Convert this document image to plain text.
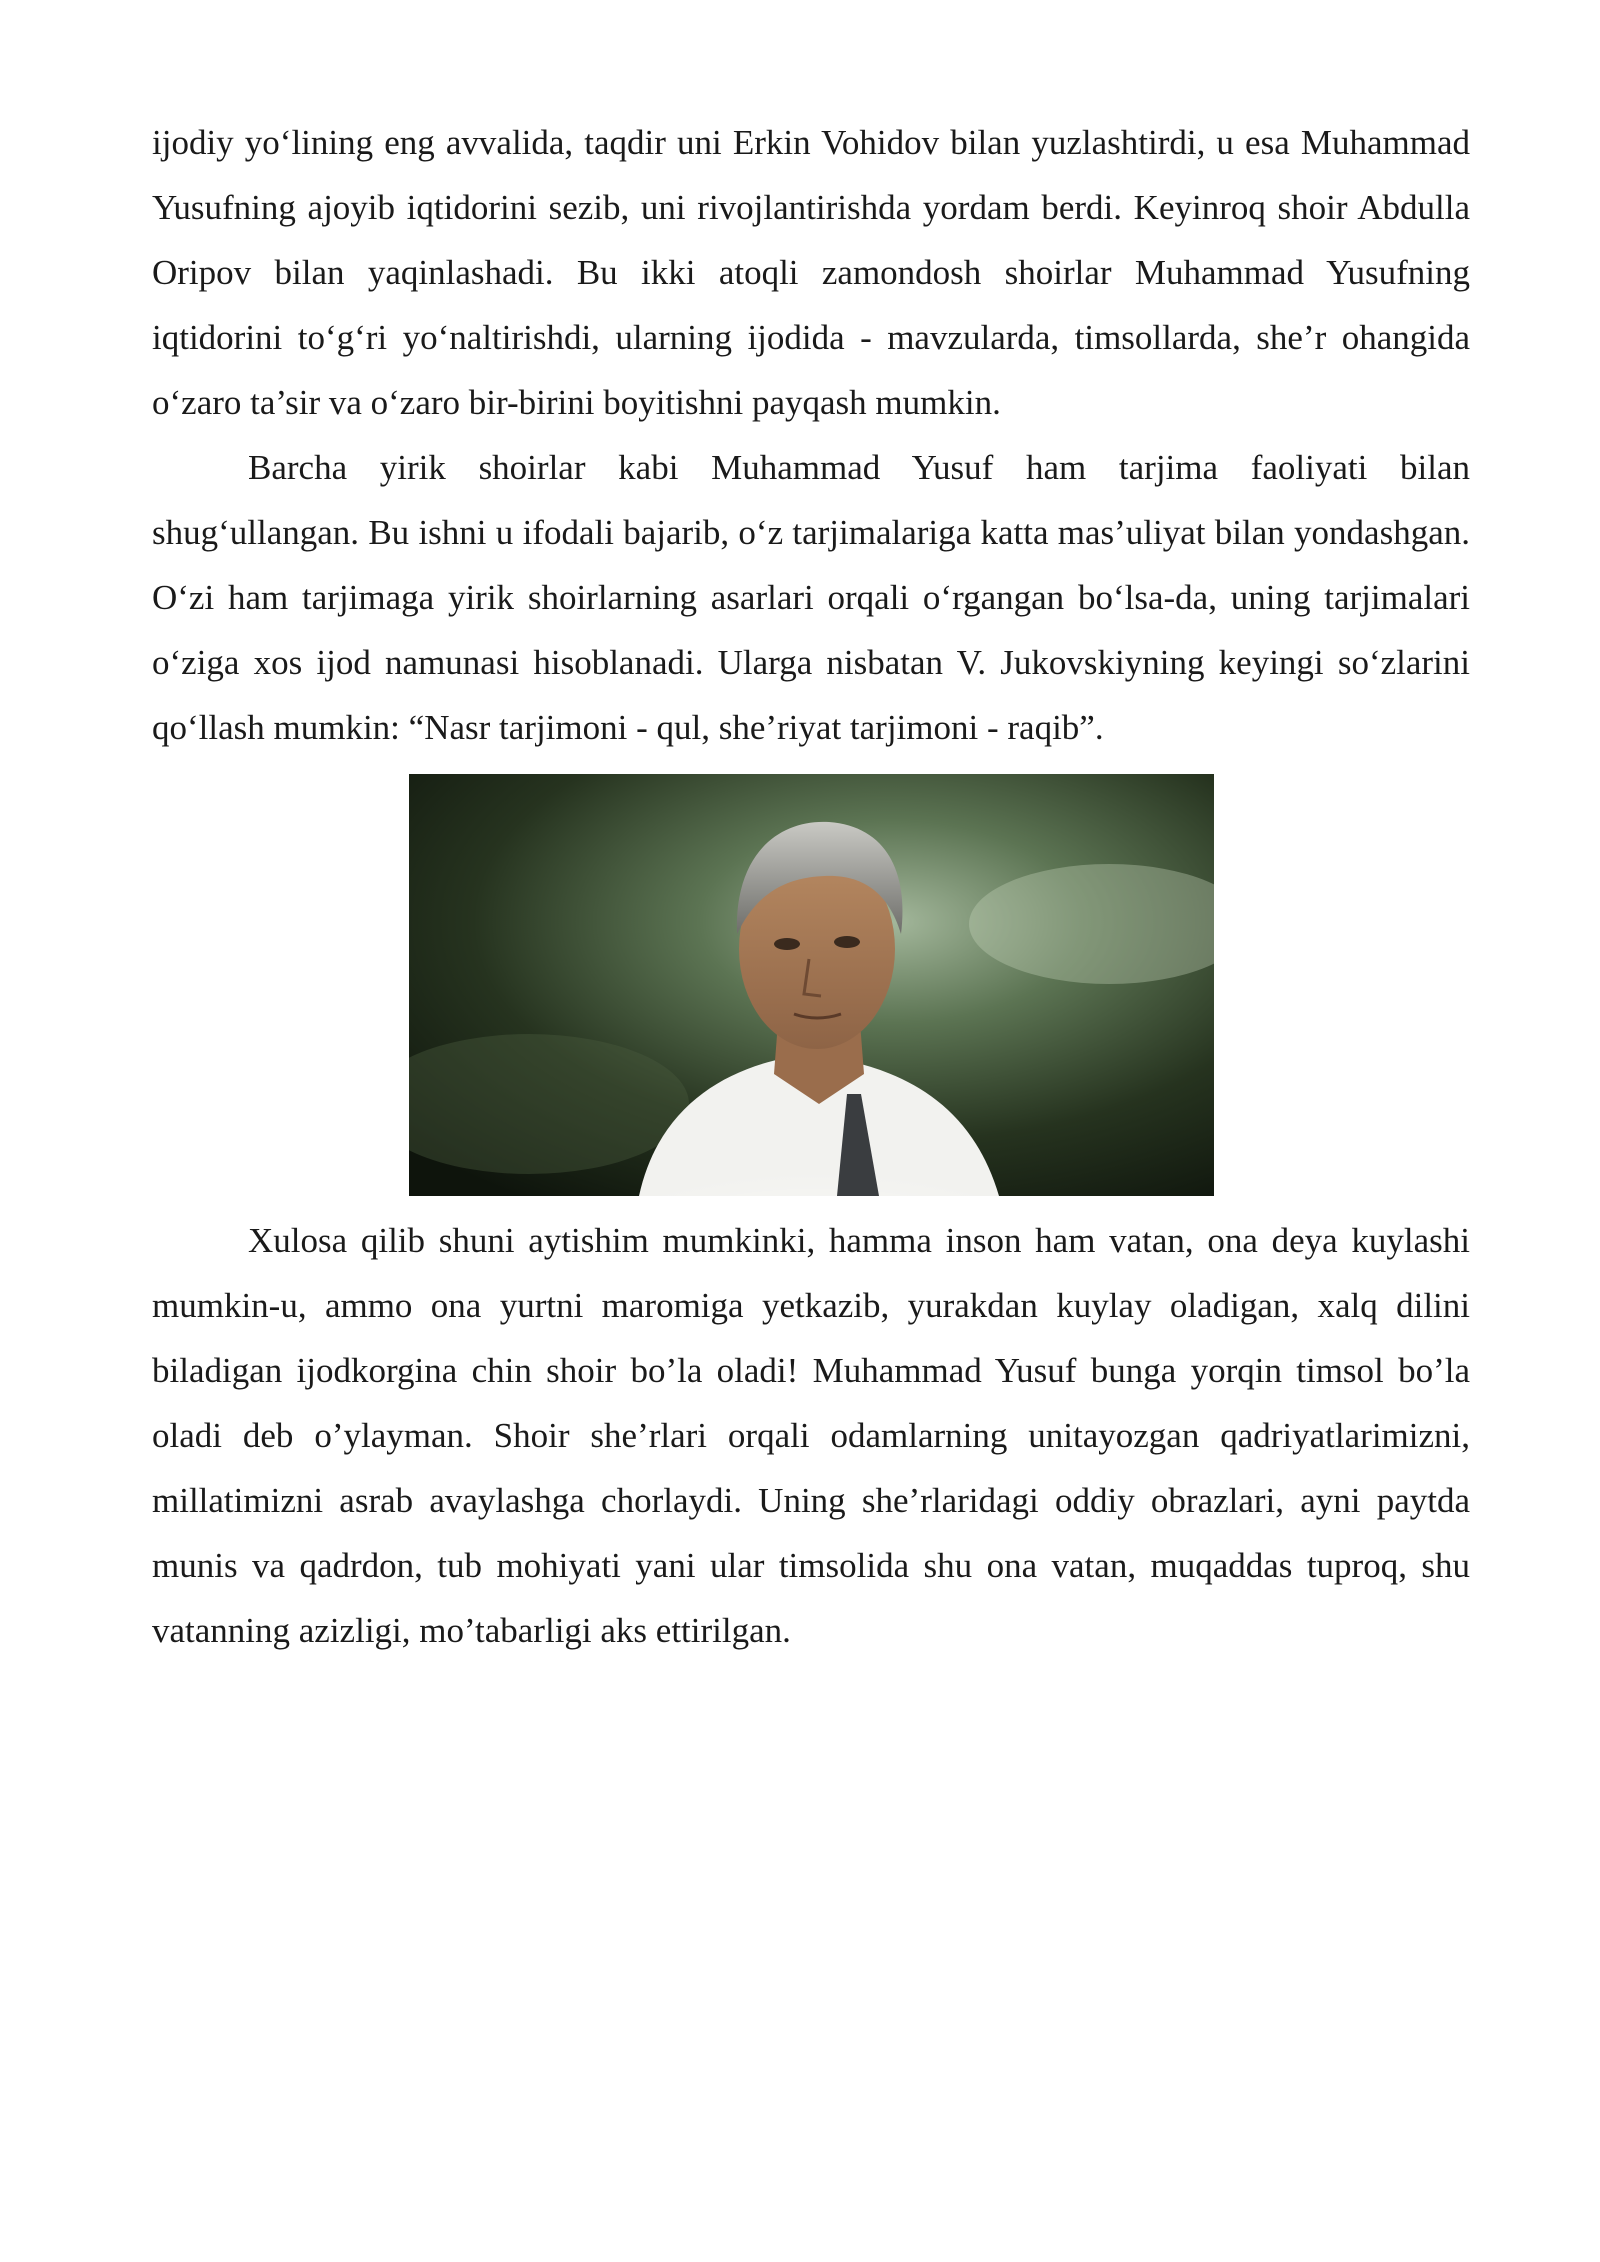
ijodiy yo‘lining eng avvalida, taqdir uni Erkin Vohidov bilan yuzlashtirdi, u esa Muhammad Yusufning ajoyib iqtidorini sezib, uni rivojlantirishda yordam berdi. Keyinroq shoir Abdulla Oripov bilan yaqinlashadi. Bu ikki atoqli zamondosh shoirlar Muhammad Yusufning iqtidorini to‘g‘ri yo‘naltirishdi, ularning ijodida - mavzularda, timsollarda, she’r ohangida o‘zaro ta’sir va o‘zaro bir-birini boyitishni payqash mumkin.

Barcha yirik shoirlar kabi Muhammad Yusuf ham tarjima faoliyati bilan shug‘ullangan. Bu ishni u ifodali bajarib, o‘z tarjimalariga katta mas’uliyat bilan yondashgan. O‘zi ham tarjimaga yirik shoirlarning asarlari orqali o‘rgangan bo‘lsa-da, uning tarjimalari o‘ziga xos ijod namunasi hisoblanadi. Ularga nisbatan V. Jukovskiyning keyingi so‘zlarini qo‘llash mumkin: “Nasr tarjimoni - qul, she’riyat tarjimoni - raqib”.

Xulosa qilib shuni aytishim mumkinki, hamma inson ham vatan, ona deya kuylashi mumkin-u, ammo ona yurtni maromiga yetkazib, yurakdan kuylay oladigan, xalq dilini biladigan ijodkorgina chin shoir bo’la oladi! Muhammad Yusuf bunga yorqin timsol bo’la oladi deb o’ylayman. Shoir she’rlari orqali odamlarning unitayozgan qadriyatlarimizni, millatimizni asrab avaylashga chorlaydi. Uning she’rlaridagi oddiy obrazlari, ayni paytda munis va qadrdon, tub mohiyati yani ular timsolida shu ona vatan, muqaddas tuproq, shu vatanning azizligi, mo’tabarligi aks ettirilgan.
